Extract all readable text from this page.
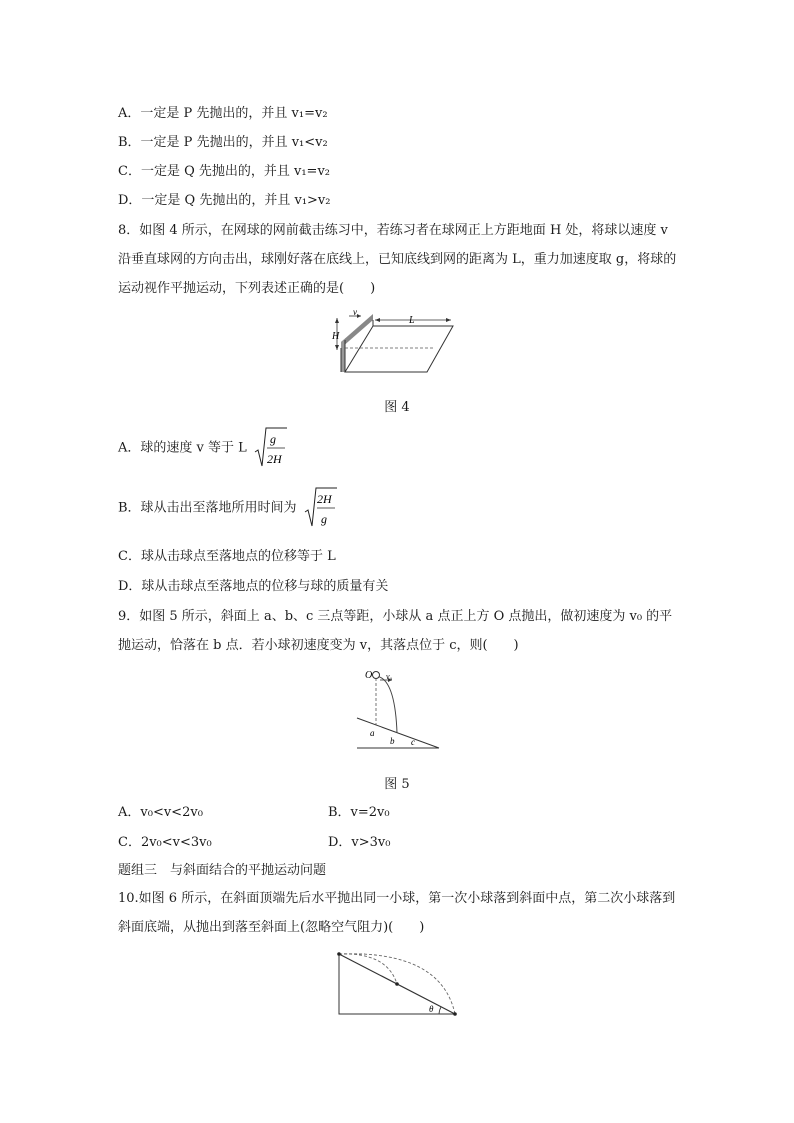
A．一定是 P 先抛出的，并且 v₁=v₂
B．一定是 P 先抛出的，并且 v₁<v₂
C．一定是 Q 先抛出的，并且 v₁=v₂
D．一定是 Q 先抛出的，并且 v₁>v₂
8．如图 4 所示，在网球的网前截击练习中，若练习者在球网正上方距地面 H 处，将球以速度 v 沿垂直球网的方向击出，球刚好落在底线上，已知底线到网的距离为 L，重力加速度取 g，将球的运动视作平抛运动，下列表述正确的是(　　)
v
H
L
图 4
A．球的速度 v 等于 L
g
2H
B．球从击出至落地所用时间为
2H
g
C．球从击球点至落地点的位移等于 L
D．球从击球点至落地点的位移与球的质量有关
9．如图 5 所示，斜面上 a、b、c 三点等距，小球从 a 点正上方 O 点抛出，做初速度为 v₀ 的平抛运动，恰落在 b 点．若小球初速度变为 v，其落点位于 c，则(　　)
O v₀
a
b c
图 5
A．v₀<v<2v₀	B．v=2v₀
C．2v₀<v<3v₀	D．v>3v₀
题组三　与斜面结合的平抛运动问题
10.如图 6 所示，在斜面顶端先后水平抛出同一小球，第一次小球落到斜面中点，第二次小球落到斜面底端，从抛出到落至斜面上(忽略空气阻力)(　　)
θ
